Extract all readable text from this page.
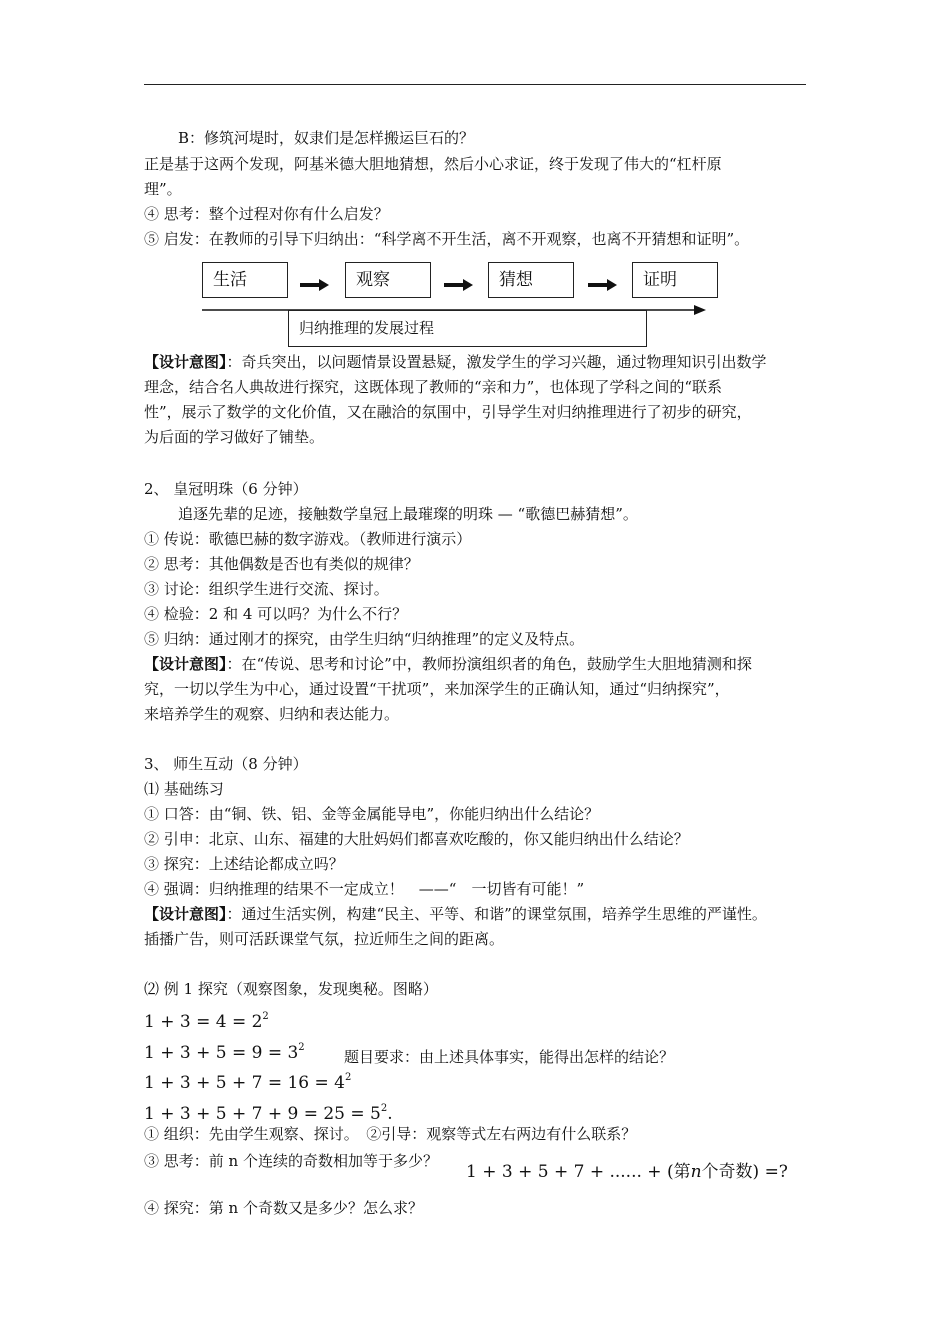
B：修筑河堤时，奴隶们是怎样搬运巨石的？
正是基于这两个发现，阿基米德大胆地猜想，然后小心求证，终于发现了伟大的“杠杆原
理”。
④ 思考：整个过程对你有什么启发？
⑤ 启发：在教师的引导下归纳出：“科学离不开生活，离不开观察，也离不开猜想和证明”。
生活	观察	猜想	证明
归纳推理的发展过程
【设计意图】：奇兵突出，以问题情景设置悬疑，激发学生的学习兴趣，通过物理知识引出数学
理念，结合名人典故进行探究，这既体现了教师的“亲和力”，也体现了学科之间的“联系
性”，展示了数学的文化价值，又在融洽的氛围中，引导学生对归纳推理进行了初步的研究，
为后面的学习做好了铺垫。
2、 皇冠明珠（6 分钟）
追逐先辈的足迹，接触数学皇冠上最璀璨的明珠 — “歌德巴赫猜想”。
① 传说：歌德巴赫的数字游戏。（教师进行演示）
② 思考：其他偶数是否也有类似的规律？
③ 讨论：组织学生进行交流、探讨。
④ 检验：2 和 4 可以吗？为什么不行？
⑤ 归纳：通过刚才的探究，由学生归纳“归纳推理”的定义及特点。
【设计意图】：在“传说、思考和讨论”中，教师扮演组织者的角色，鼓励学生大胆地猜测和探
究，一切以学生为中心，通过设置“干扰项”，来加深学生的正确认知，通过“归纳探究”，
来培养学生的观察、归纳和表达能力。
3、 师生互动（8 分钟）
⑴ 基础练习
① 口答：由“铜、铁、铝、金等金属能导电”，你能归纳出什么结论？
② 引申：北京、山东、福建的大肚妈妈们都喜欢吃酸的，你又能归纳出什么结论？
③ 探究：上述结论都成立吗？
④ 强调：归纳推理的结果不一定成立！　——“　一切皆有可能！”
【设计意图】：通过生活实例，构建“民主、平等、和谐”的课堂氛围，培养学生思维的严谨性。
插播广告，则可活跃课堂气氛，拉近师生之间的距离。
⑵ 例 1 探究（观察图象，发现奥秘。图略）
$1 + 3 = 4 = 2^2$
$1 + 3 + 5 = 9 = 3^2$
$1 + 3 + 5 + 7 = 16 = 4^2$
$1 + 3 + 5 + 7 + 9 = 25 = 5^2$.
题目要求：由上述具体事实，能得出怎样的结论？
① 组织：先由学生观察、探讨。　②引导：观察等式左右两边有什么联系？
③ 思考：前 n 个连续的奇数相加等于多少？
1 + 3 + 5 + 7 + ...... + (第n个奇数) =?
④ 探究：第 n 个奇数又是多少？怎么求？
